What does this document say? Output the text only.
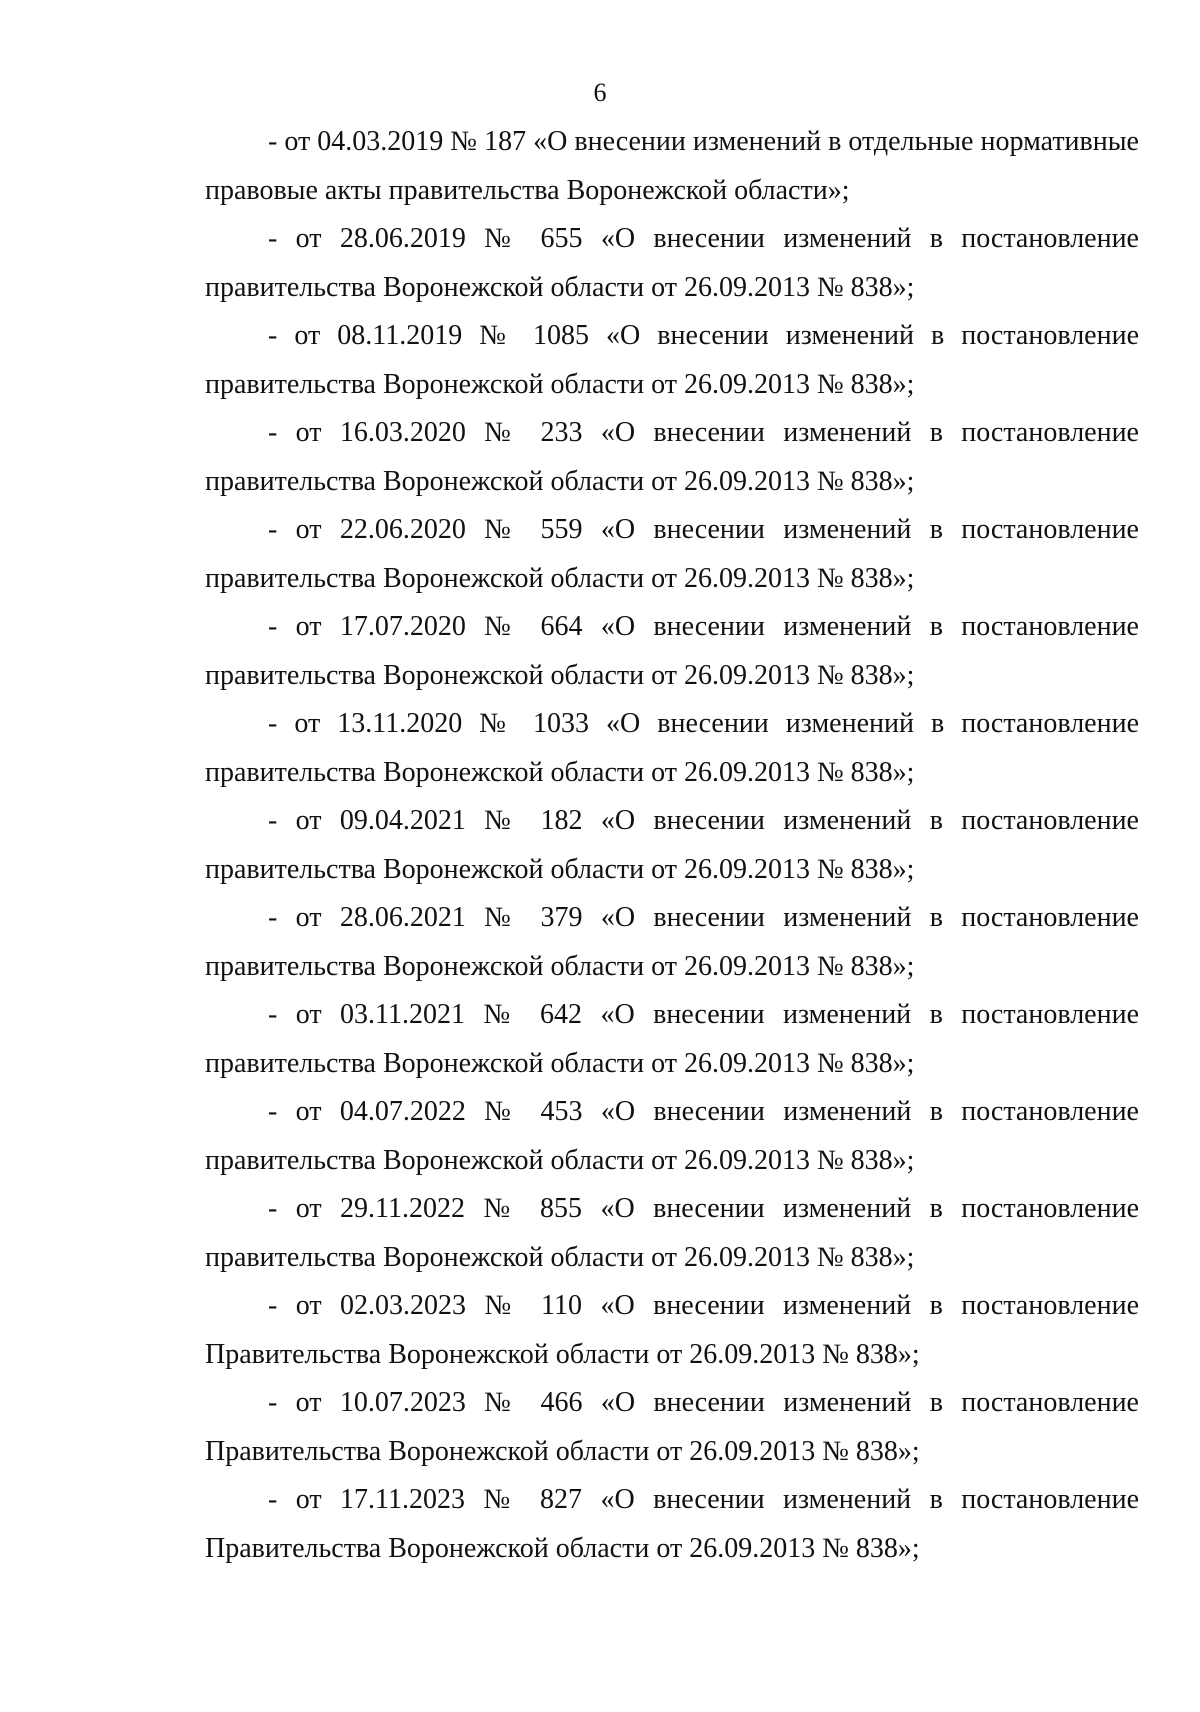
6

- от 04.03.2019 № 187 «О внесении изменений в отдельные нормативные правовые акты правительства Воронежской области»;

- от 28.06.2019 № 655 «О внесении изменений в постановление правительства Воронежской области от 26.09.2013 № 838»;

- от 08.11.2019 № 1085 «О внесении изменений в постановление правительства Воронежской области от 26.09.2013 № 838»;

- от 16.03.2020 № 233 «О внесении изменений в постановление правительства Воронежской области от 26.09.2013 № 838»;

- от 22.06.2020 № 559 «О внесении изменений в постановление правительства Воронежской области от 26.09.2013 № 838»;

- от 17.07.2020 № 664 «О внесении изменений в постановление правительства Воронежской области от 26.09.2013 № 838»;

- от 13.11.2020 № 1033 «О внесении изменений в постановление правительства Воронежской области от 26.09.2013 № 838»;

- от 09.04.2021 № 182 «О внесении изменений в постановление правительства Воронежской области от 26.09.2013 № 838»;

- от 28.06.2021 № 379 «О внесении изменений в постановление правительства Воронежской области от 26.09.2013 № 838»;

- от 03.11.2021 № 642 «О внесении изменений в постановление правительства Воронежской области от 26.09.2013 № 838»;

- от 04.07.2022 № 453 «О внесении изменений в постановление правительства Воронежской области от 26.09.2013 № 838»;

- от 29.11.2022 № 855 «О внесении изменений в постановление правительства Воронежской области от 26.09.2013 № 838»;

- от 02.03.2023 № 110 «О внесении изменений в постановление Правительства Воронежской области от 26.09.2013 № 838»;

- от 10.07.2023 № 466 «О внесении изменений в постановление Правительства Воронежской области от 26.09.2013 № 838»;

- от 17.11.2023 № 827 «О внесении изменений в постановление Правительства Воронежской области от 26.09.2013 № 838»;
